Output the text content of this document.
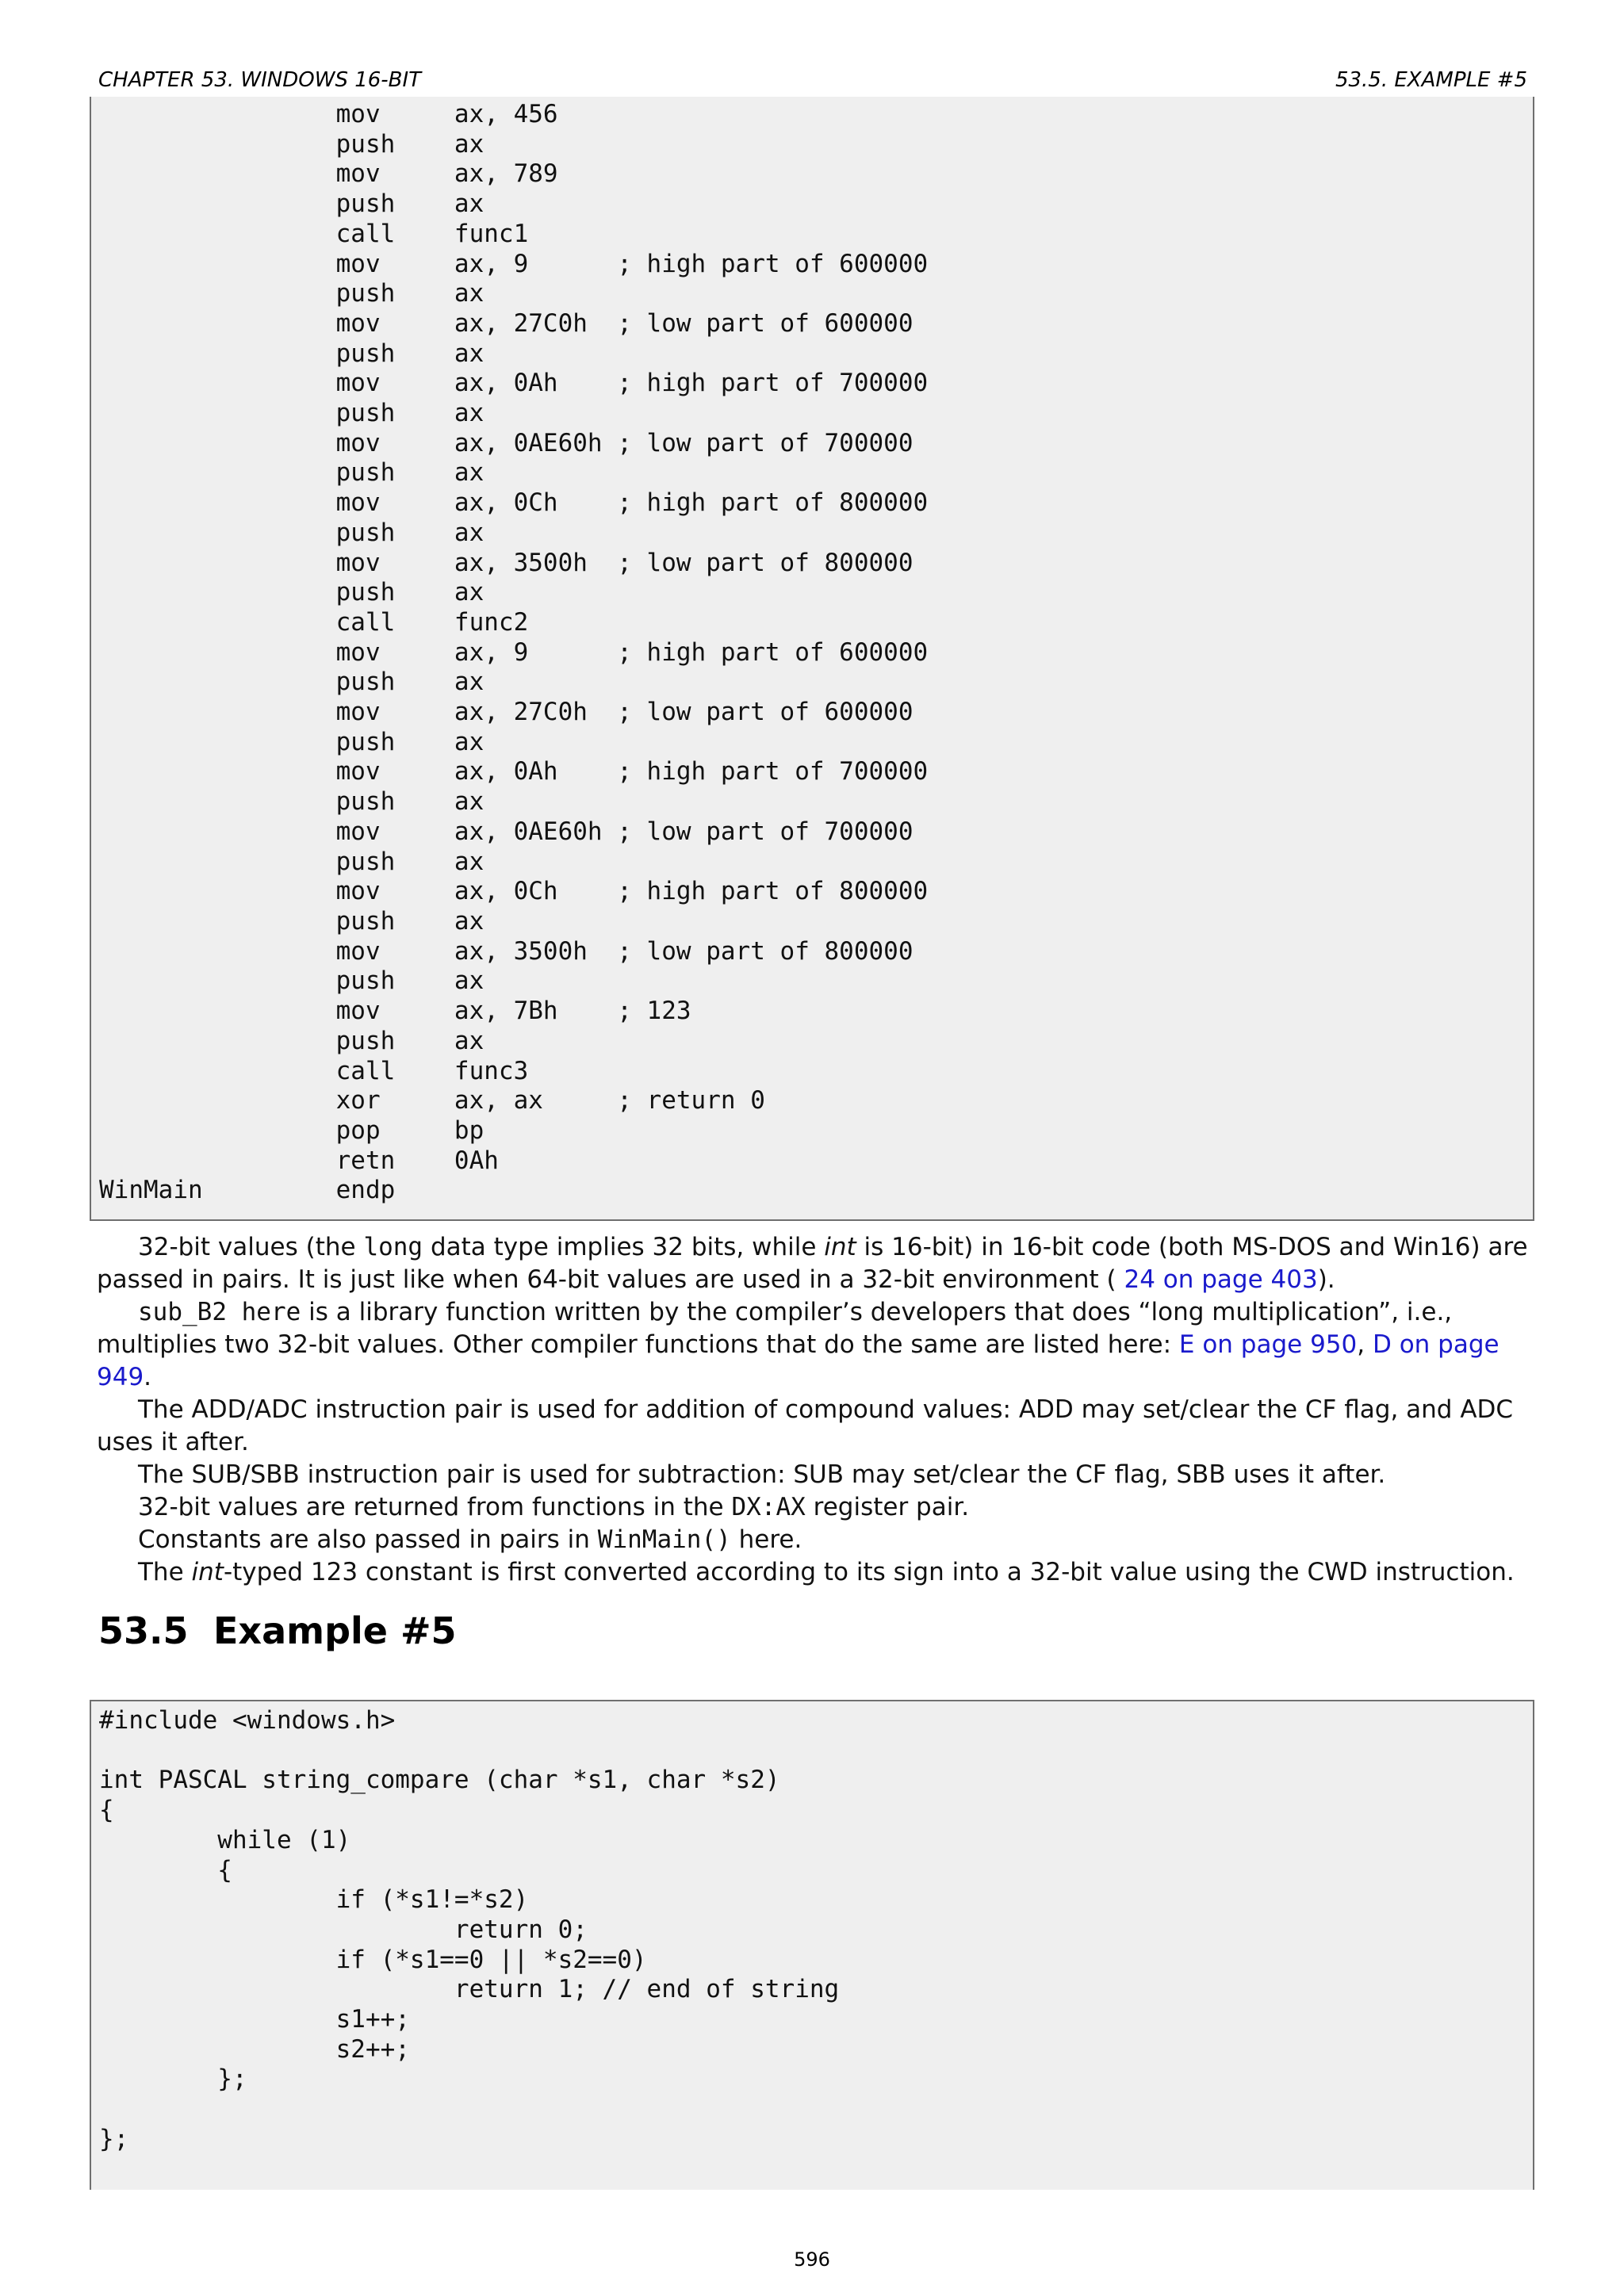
CHAPTER 53. WINDOWS 16-BIT	53.5. EXAMPLE #5
mov     ax, 456
push    ax
mov     ax, 789
push    ax
call    func1
mov     ax, 9      ; high part of 600000
push    ax
mov     ax, 27C0h  ; low part of 600000
push    ax
mov     ax, 0Ah    ; high part of 700000
push    ax
mov     ax, 0AE60h ; low part of 700000
push    ax
mov     ax, 0Ch    ; high part of 800000
push    ax
mov     ax, 3500h  ; low part of 800000
push    ax
call    func2
mov     ax, 9      ; high part of 600000
push    ax
mov     ax, 27C0h  ; low part of 600000
push    ax
mov     ax, 0Ah    ; high part of 700000
push    ax
mov     ax, 0AE60h ; low part of 700000
push    ax
mov     ax, 0Ch    ; high part of 800000
push    ax
mov     ax, 3500h  ; low part of 800000
push    ax
mov     ax, 7Bh    ; 123
push    ax
call    func3
xor     ax, ax     ; return 0
pop     bp
retn    0Ah
WinMain         endp

32-bit values (the long data type implies 32 bits, while int is 16-bit) in 16-bit code (both MS-DOS and Win16) are passed in pairs. It is just like when 64-bit values are used in a 32-bit environment ( 24 on page 403).

sub_B2 here is a library function written by the compiler’s developers that does “long multiplication”, i.e., multiplies two 32-bit values. Other compiler functions that do the same are listed here: E on page 950, D on page 949.

The ADD/ADC instruction pair is used for addition of compound values: ADD may set/clear the CF flag, and ADC uses it after.

The SUB/SBB instruction pair is used for subtraction: SUB may set/clear the CF flag, SBB uses it after.

32-bit values are returned from functions in the DX:AX register pair.

Constants are also passed in pairs in WinMain() here.

The int-typed 123 constant is first converted according to its sign into a 32-bit value using the CWD instruction.

53.5 Example #5
#include <windows.h>

int PASCAL string_compare (char *s1, char *s2)
{
while (1)
{
if (*s1!=*s2)
return 0;
if (*s1==0 || *s2==0)
return 1; // end of string
s1++;
s2++;
};

};
596
